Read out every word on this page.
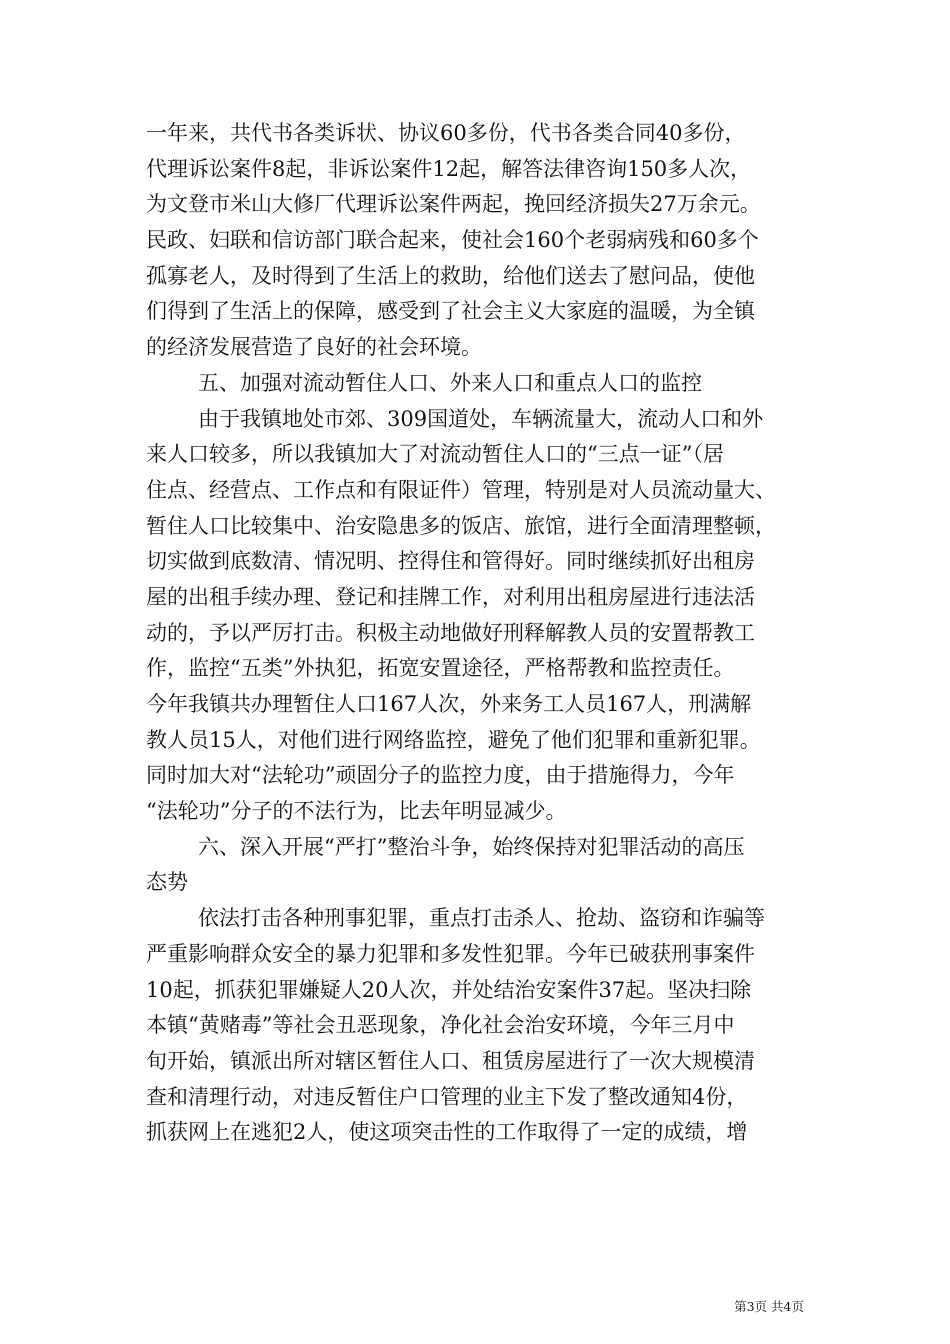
一年来，共代书各类诉状、协议60多份，代书各类合同40多份，
代理诉讼案件8起，非诉讼案件12起，解答法律咨询150多人次，
为文登市米山大修厂代理诉讼案件两起，挽回经济损失27万余元。
民政、妇联和信访部门联合起来，使社会160个老弱病残和60多个
孤寡老人，及时得到了生活上的救助，给他们送去了慰问品，使他
们得到了生活上的保障，感受到了社会主义大家庭的温暖，为全镇
的经济发展营造了良好的社会环境。
五、加强对流动暂住人口、外来人口和重点人口的监控
由于我镇地处市郊、309国道处，车辆流量大，流动人口和外
来人口较多，所以我镇加大了对流动暂住人口的“三点一证”（居
住点、经营点、工作点和有限证件）管理，特别是对人员流动量大、
暂住人口比较集中、治安隐患多的饭店、旅馆，进行全面清理整顿，
切实做到底数清、情况明、控得住和管得好。同时继续抓好出租房
屋的出租手续办理、登记和挂牌工作，对利用出租房屋进行违法活
动的，予以严厉打击。积极主动地做好刑释解教人员的安置帮教工
作，监控“五类”外执犯，拓宽安置途径，严格帮教和监控责任。
今年我镇共办理暂住人口167人次，外来务工人员167人，刑满解
教人员15人，对他们进行网络监控，避免了他们犯罪和重新犯罪。
同时加大对“法轮功”顽固分子的监控力度，由于措施得力，今年
“法轮功”分子的不法行为，比去年明显减少。
六、深入开展“严打”整治斗争，始终保持对犯罪活动的高压
态势
依法打击各种刑事犯罪，重点打击杀人、抢劫、盗窃和诈骗等
严重影响群众安全的暴力犯罪和多发性犯罪。今年已破获刑事案件
10起，抓获犯罪嫌疑人20人次，并处结治安案件37起。坚决扫除
本镇“黄赌毒”等社会丑恶现象，净化社会治安环境，今年三月中
旬开始，镇派出所对辖区暂住人口、租赁房屋进行了一次大规模清
查和清理行动，对违反暂住户口管理的业主下发了整改通知4份，
抓获网上在逃犯2人，使这项突击性的工作取得了一定的成绩，增
第3页 共4页
